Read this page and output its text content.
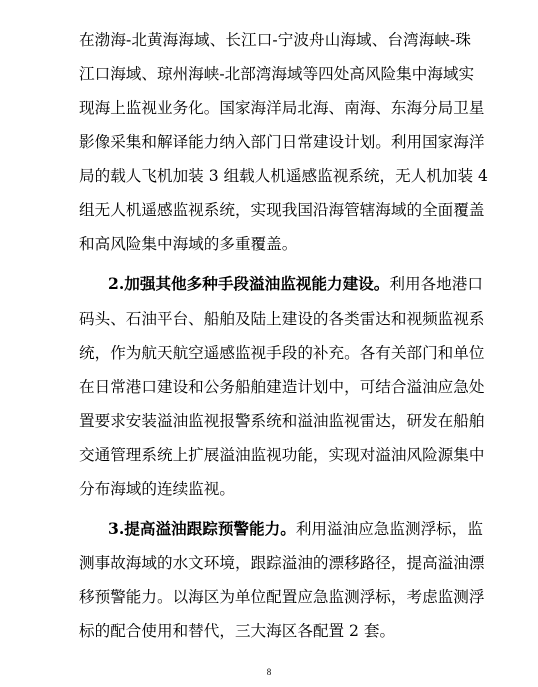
在渤海-北黄海海域、长江口-宁波舟山海域、台湾海峡-珠
江口海域、琼州海峡-北部湾海域等四处高风险集中海域实
现海上监视业务化。国家海洋局北海、南海、东海分局卫星
影像采集和解译能力纳入部门日常建设计划。利用国家海洋
局的载人飞机加装 3 组载人机遥感监视系统，无人机加装 4
组无人机遥感监视系统，实现我国沿海管辖海域的全面覆盖
和高风险集中海域的多重覆盖。
2.加强其他多种手段溢油监视能力建设。利用各地港口
码头、石油平台、船舶及陆上建设的各类雷达和视频监视系
统，作为航天航空遥感监视手段的补充。各有关部门和单位
在日常港口建设和公务船舶建造计划中，可结合溢油应急处
置要求安装溢油监视报警系统和溢油监视雷达，研发在船舶
交通管理系统上扩展溢油监视功能，实现对溢油风险源集中
分布海域的连续监视。
3.提高溢油跟踪预警能力。利用溢油应急监测浮标，监
测事故海域的水文环境，跟踪溢油的漂移路径，提高溢油漂
移预警能力。以海区为单位配置应急监测浮标，考虑监测浮
标的配合使用和替代，三大海区各配置 2 套。
8
